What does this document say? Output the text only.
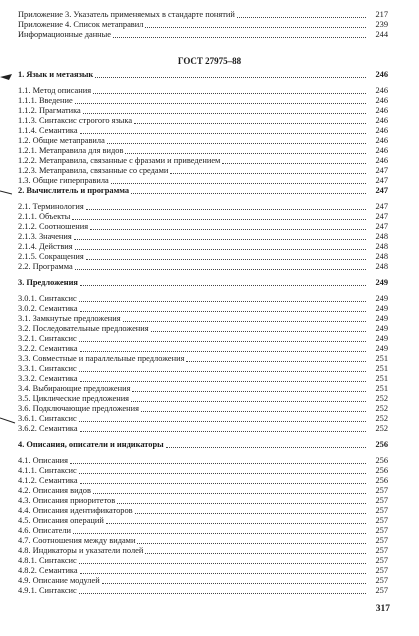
Приложение 3. Указатель применяемых в стандарте понятий	217
Приложение 4. Список метаправил	239
Информационные данные	244
ГОСТ 27975–88
1. Язык и метаязык	246
1.1. Метод описания	246
1.1.1. Введение	246
1.1.2. Прагматика	246
1.1.3. Синтаксис строгого языка	246
1.1.4. Семантика	246
1.2. Общие метаправила	246
1.2.1. Метаправила для видов	246
1.2.2. Метаправила, связанные с фразами и приведением	246
1.2.3. Метаправила, связанные со средами	247
1.3. Общие гиперправила	247
2. Вычислитель и программа	247
2.1. Терминология	247
2.1.1. Объекты	247
2.1.2. Соотношения	247
2.1.3. Значения	248
2.1.4. Действия	248
2.1.5. Сокращения	248
2.2. Программа	248
3. Предложения	249
3.0.1. Синтаксис	249
3.0.2. Семантика	249
3.1. Замкнутые предложения	249
3.2. Последовательные предложения	249
3.2.1. Синтаксис	249
3.2.2. Семантика	249
3.3. Совместные и параллельные предложения	251
3.3.1. Синтаксис	251
3.3.2. Семантика	251
3.4. Выбирающие предложения	251
3.5. Циклические предложения	252
3.6. Подключающие предложения	252
3.6.1. Синтаксис	252
3.6.2. Семантика	252
4. Описания, описатели и индикаторы	256
4.1. Описания	256
4.1.1. Синтаксис	256
4.1.2. Семантика	256
4.2. Описания видов	257
4.3. Описания приоритетов	257
4.4. Описания идентификаторов	257
4.5. Описания операций	257
4.6. Описатели	257
4.7. Соотношения между видами	257
4.8. Индикаторы и указатели полей	257
4.8.1. Синтаксис	257
4.8.2. Семантика	257
4.9. Описание модулей	257
4.9.1. Синтаксис	257
317
